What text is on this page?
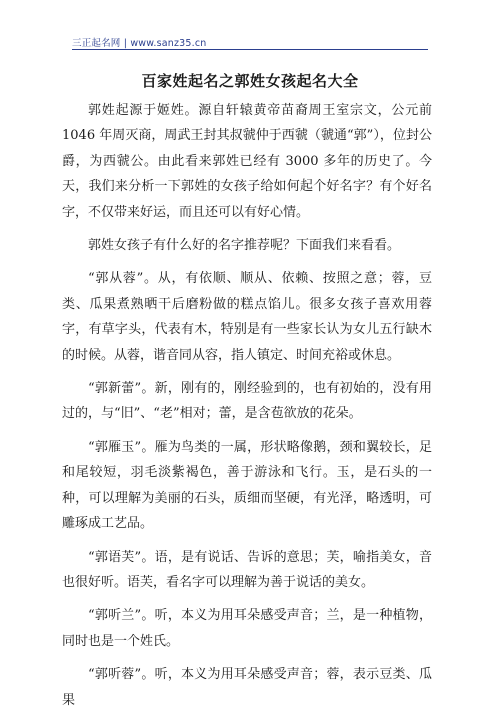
三正起名网 | www.sanz35.cn
百家姓起名之郭姓女孩起名大全

郭姓起源于姬姓。源自轩辕黄帝苗裔周王室宗文，公元前 1046 年周灭商，周武王封其叔虢仲于西虢（虢通“郭”），位封公爵，为西虢公。由此看来郭姓已经有 3000 多年的历史了。今天，我们来分析一下郭姓的女孩子给如何起个好名字？有个好名字，不仅带来好运，而且还可以有好心情。

郭姓女孩子有什么好的名字推荐呢？下面我们来看看。

“郭从蓉”。从，有依顺、顺从、依赖、按照之意；蓉，豆类、瓜果煮熟晒干后磨粉做的糕点馅儿。很多女孩子喜欢用蓉字，有草字头，代表有木，特别是有一些家长认为女儿五行缺木的时候。从蓉，谐音同从容，指人镇定、时间充裕或休息。

“郭新蕾”。新，刚有的，刚经验到的，也有初始的，没有用过的，与“旧”、“老”相对；蕾，是含苞欲放的花朵。

“郭雁玉”。雁为鸟类的一属，形状略像鹅，颈和翼较长，足和尾较短，羽毛淡紫褐色，善于游泳和飞行。玉，是石头的一种，可以理解为美丽的石头，质细而坚硬，有光泽，略透明，可雕琢成工艺品。

“郭语芙”。语，是有说话、告诉的意思；芙，喻指美女，音也很好听。语芙，看名字可以理解为善于说话的美女。

“郭听兰”。听，本义为用耳朵感受声音；兰，是一种植物，同时也是一个姓氏。

“郭听蓉”。听，本义为用耳朵感受声音；蓉，表示豆类、瓜果
